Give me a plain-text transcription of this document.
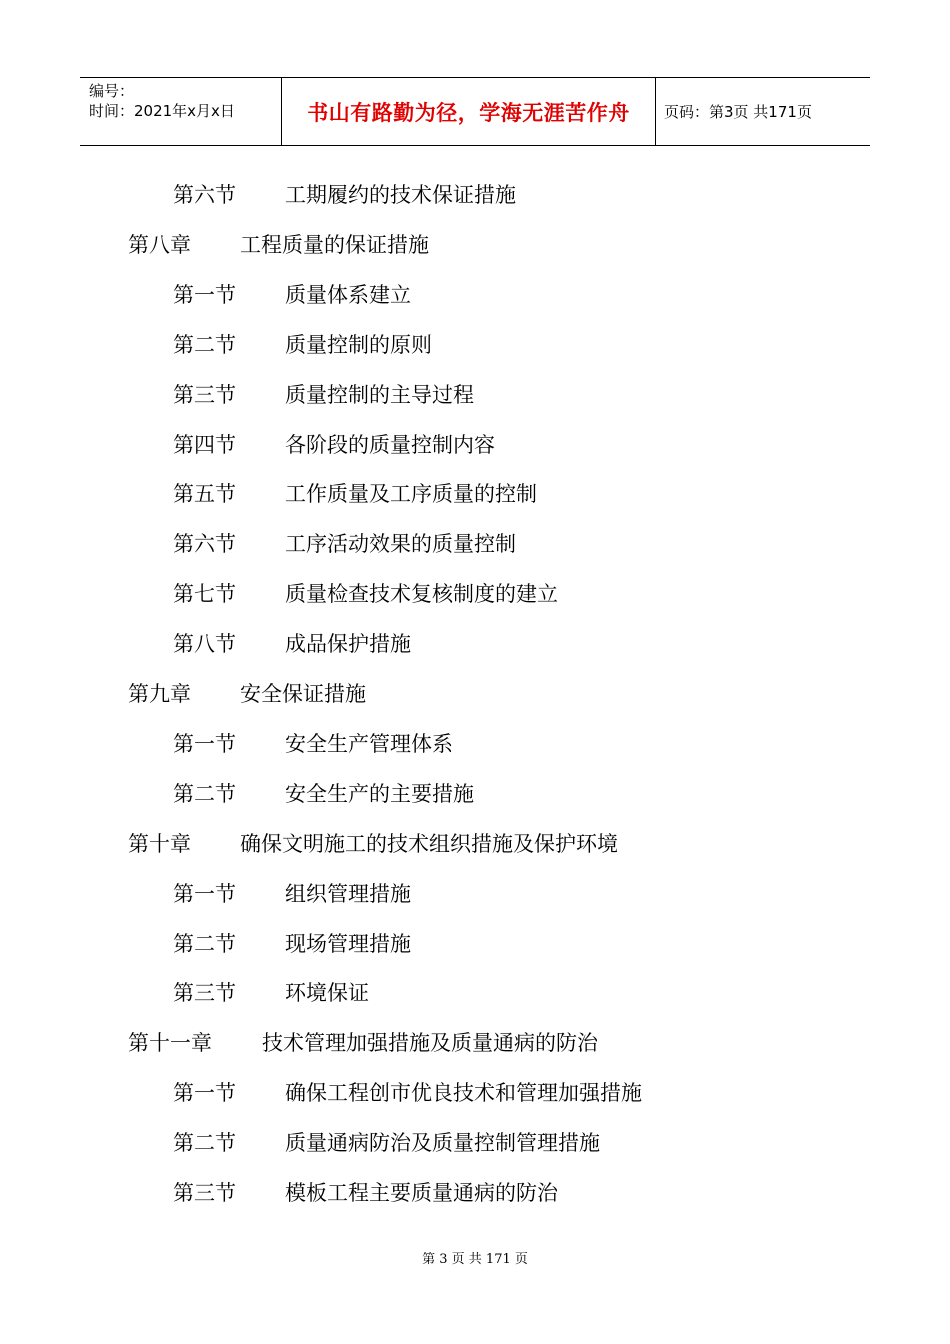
编号：
时间：2021年x月x日	书山有路勤为径，学海无涯苦作舟	页码：第3页 共171页
第六节 工期履约的技术保证措施
第八章 工程质量的保证措施
第一节 质量体系建立
第二节 质量控制的原则
第三节 质量控制的主导过程
第四节 各阶段的质量控制内容
第五节 工作质量及工序质量的控制
第六节 工序活动效果的质量控制
第七节 质量检查技术复核制度的建立
第八节 成品保护措施
第九章 安全保证措施
第一节 安全生产管理体系
第二节 安全生产的主要措施
第十章 确保文明施工的技术组织措施及保护环境
第一节 组织管理措施
第二节 现场管理措施
第三节 环境保证
第十一章 技术管理加强措施及质量通病的防治
第一节 确保工程创市优良技术和管理加强措施
第二节 质量通病防治及质量控制管理措施
第三节 模板工程主要质量通病的防治
第 3 页 共 171 页
